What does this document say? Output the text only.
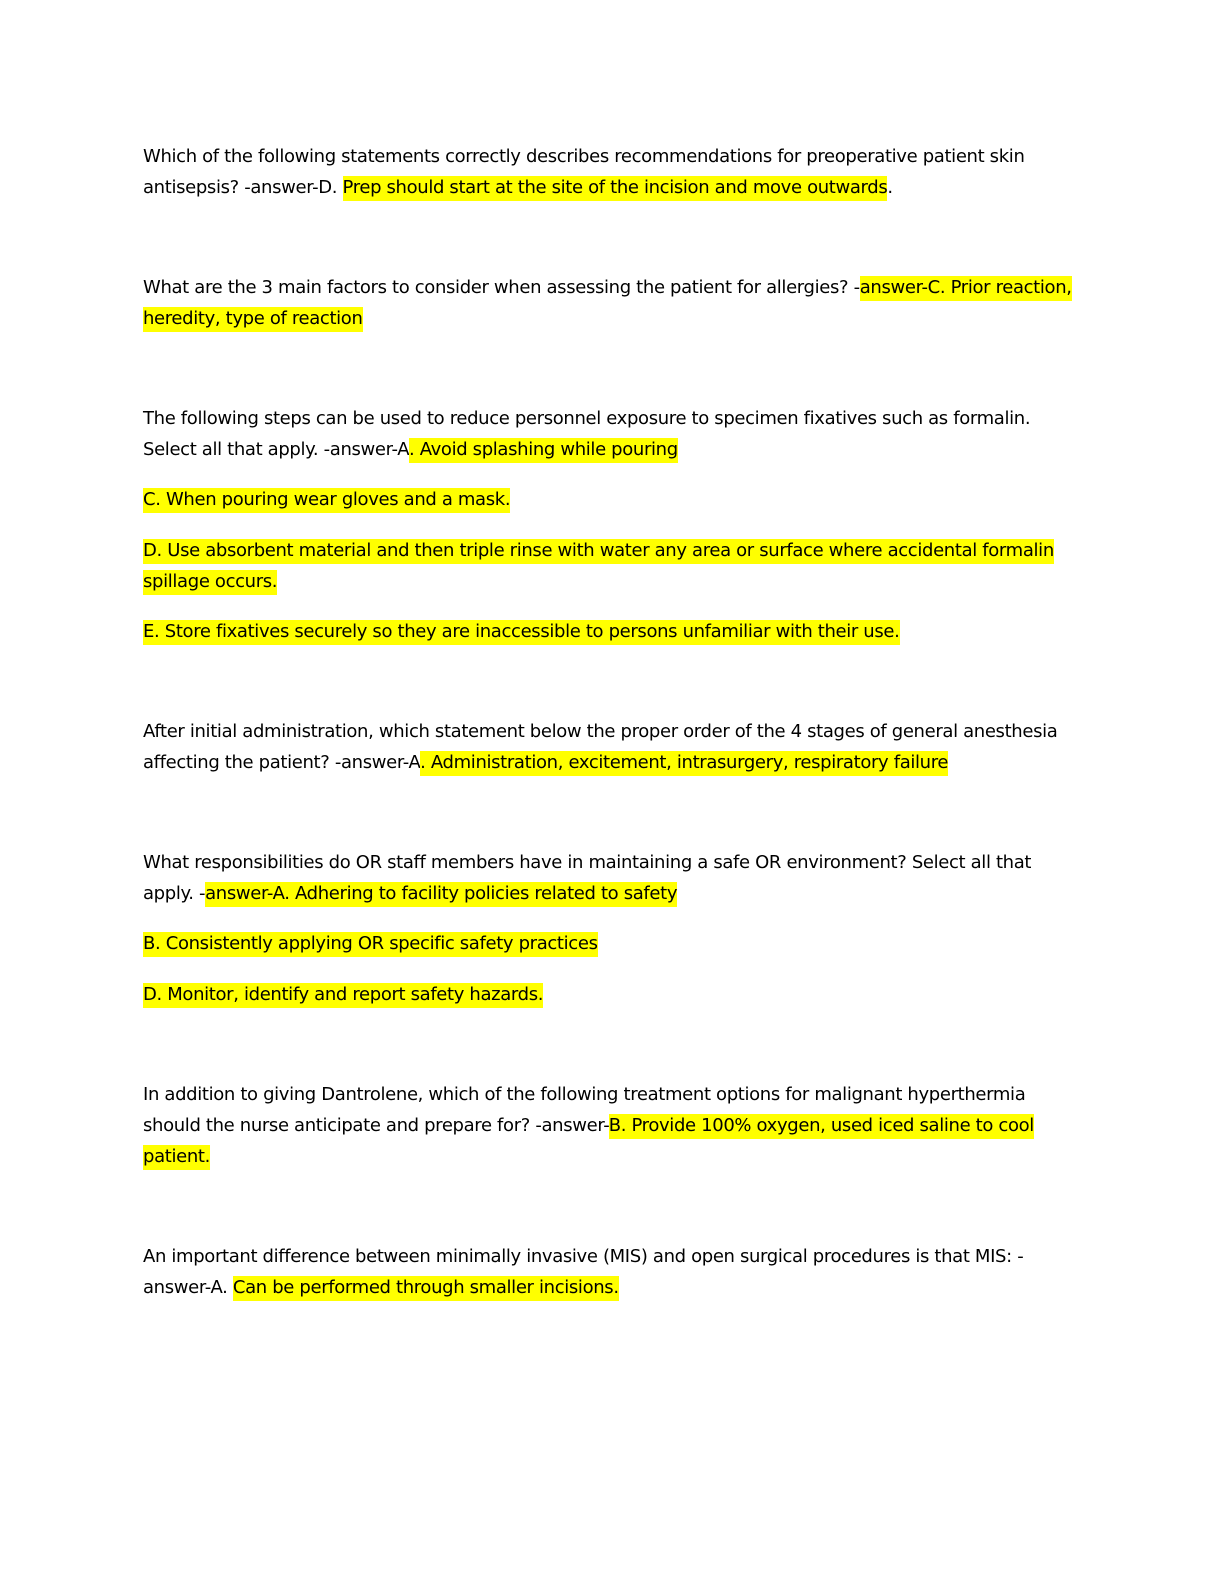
Which of the following statements correctly describes recommendations for preoperative patient skin antisepsis? -answer-D. Prep should start at the site of the incision and move outwards.
What are the 3 main factors to consider when assessing the patient for allergies? -answer-C. Prior reaction, heredity, type of reaction
The following steps can be used to reduce personnel exposure to specimen fixatives such as formalin. Select all that apply. -answer-A. Avoid splashing while pouring
C. When pouring wear gloves and a mask.
D. Use absorbent material and then triple rinse with water any area or surface where accidental formalin spillage occurs.
E. Store fixatives securely so they are inaccessible to persons unfamiliar with their use.
After initial administration, which statement below the proper order of the 4 stages of general anesthesia affecting the patient? -answer-A. Administration, excitement, intrasurgery, respiratory failure
What responsibilities do OR staff members have in maintaining a safe OR environment? Select all that apply. -answer-A. Adhering to facility policies related to safety
B. Consistently applying OR specific safety practices
D. Monitor, identify and report safety hazards.
In addition to giving Dantrolene, which of the following treatment options for malignant hyperthermia should the nurse anticipate and prepare for? -answer-B. Provide 100% oxygen, used iced saline to cool patient.
An important difference between minimally invasive (MIS) and open surgical procedures is that MIS: -answer-A. Can be performed through smaller incisions.
